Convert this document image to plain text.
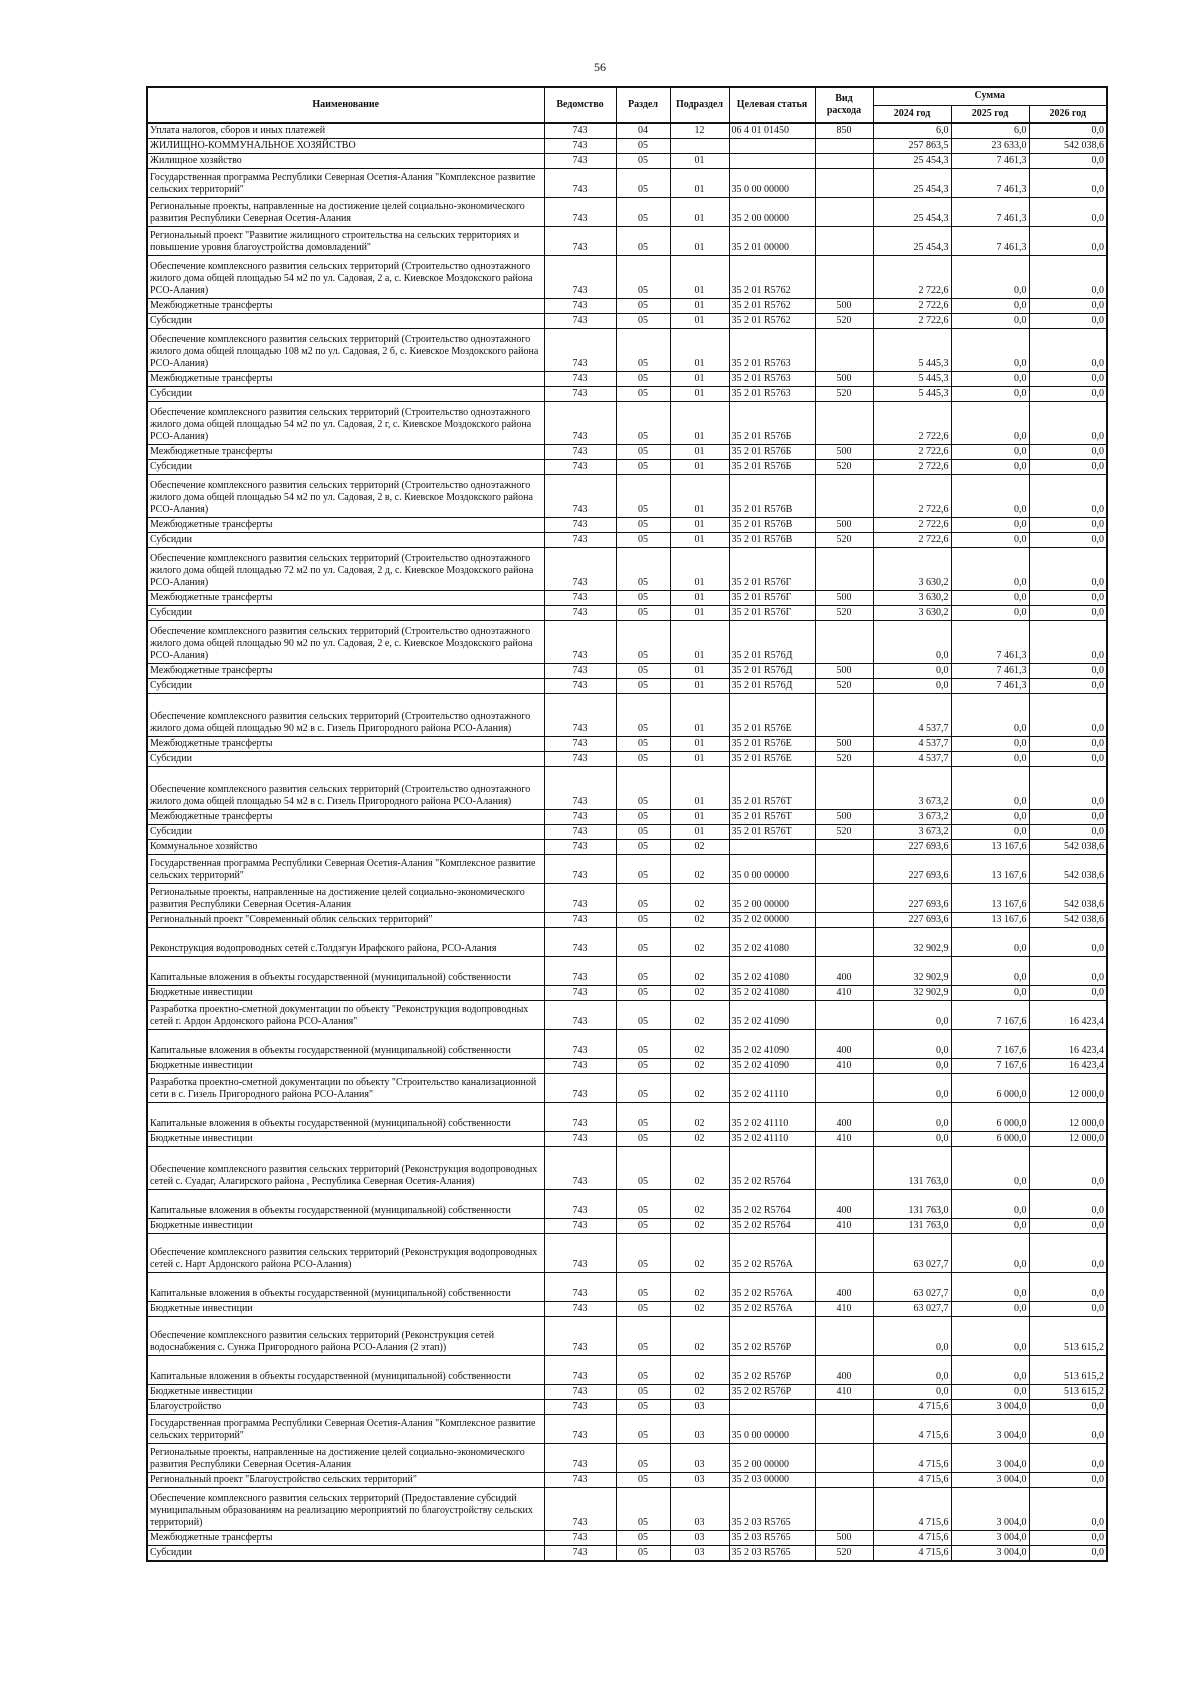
56
Наименование	Ведомство	Раздел	Подраздел	Целевая статья	Вид расхода	Сумма		
						2024 год	2025 год	2026 год
Уплата налогов, сборов и иных платежей	743	04	12	06 4 01 01450	850	6,0	6,0	0,0
ЖИЛИЩНО-КОММУНАЛЬНОЕ ХОЗЯЙСТВО	743	05				257 863,5	23 633,0	542 038,6
Жилищное хозяйство	743	05	01			25 454,3	7 461,3	0,0
Государственная программа Республики Северная Осетия-Алания "Комплексное развитие сельских территорий"	743	05	01	35 0 00 00000		25 454,3	7 461,3	0,0
Региональные проекты, направленные на достижение целей социально-экономического развития Республики Северная Осетия-Алания	743	05	01	35 2 00 00000		25 454,3	7 461,3	0,0
Региональный проект "Развитие жилищного строительства на сельских территориях и повышение уровня благоустройства домовладений"	743	05	01	35 2 01 00000		25 454,3	7 461,3	0,0
Обеспечение комплексного развития сельских территорий (Строительство одноэтажного жилого дома общей площадью 54 м2 по ул. Садовая, 2 а, с. Киевское Моздокского района РСО-Алания)	743	05	01	35 2 01 R5762		2 722,6	0,0	0,0
Межбюджетные трансферты	743	05	01	35 2 01 R5762	500	2 722,6	0,0	0,0
Субсидии	743	05	01	35 2 01 R5762	520	2 722,6	0,0	0,0
Обеспечение комплексного развития сельских территорий (Строительство одноэтажного жилого дома общей площадью 108 м2 по ул. Садовая, 2 б, с. Киевское Моздокского района РСО-Алания)	743	05	01	35 2 01 R5763		5 445,3	0,0	0,0
Межбюджетные трансферты	743	05	01	35 2 01 R5763	500	5 445,3	0,0	0,0
Субсидии	743	05	01	35 2 01 R5763	520	5 445,3	0,0	0,0
Обеспечение комплексного развития сельских территорий (Строительство одноэтажного жилого дома общей площадью 54 м2 по ул. Садовая, 2 г, с. Киевское Моздокского района РСО-Алания)	743	05	01	35 2 01 R576Б		2 722,6	0,0	0,0
Межбюджетные трансферты	743	05	01	35 2 01 R576Б	500	2 722,6	0,0	0,0
Субсидии	743	05	01	35 2 01 R576Б	520	2 722,6	0,0	0,0
Обеспечение комплексного развития сельских территорий (Строительство одноэтажного жилого дома общей площадью 54 м2 по ул. Садовая, 2 в, с. Киевское Моздокского района РСО-Алания)	743	05	01	35 2 01 R576В		2 722,6	0,0	0,0
Межбюджетные трансферты	743	05	01	35 2 01 R576В	500	2 722,6	0,0	0,0
Субсидии	743	05	01	35 2 01 R576В	520	2 722,6	0,0	0,0
Обеспечение комплексного развития сельских территорий (Строительство одноэтажного жилого дома общей площадью 72 м2 по ул. Садовая, 2 д, с. Киевское Моздокского района РСО-Алания)	743	05	01	35 2 01 R576Г		3 630,2	0,0	0,0
Межбюджетные трансферты	743	05	01	35 2 01 R576Г	500	3 630,2	0,0	0,0
Субсидии	743	05	01	35 2 01 R576Г	520	3 630,2	0,0	0,0
Обеспечение комплексного развития сельских территорий (Строительство одноэтажного жилого дома общей площадью 90 м2 по ул. Садовая, 2 е, с. Киевское Моздокского района РСО-Алания)	743	05	01	35 2 01 R576Д		0,0	7 461,3	0,0
Межбюджетные трансферты	743	05	01	35 2 01 R576Д	500	0,0	7 461,3	0,0
Субсидии	743	05	01	35 2 01 R576Д	520	0,0	7 461,3	0,0
Обеспечение комплексного развития сельских территорий (Строительство одноэтажного жилого дома общей площадью 90 м2 в с. Гизель Пригородного района РСО-Алания)	743	05	01	35 2 01 R576Е		4 537,7	0,0	0,0
Межбюджетные трансферты	743	05	01	35 2 01 R576Е	500	4 537,7	0,0	0,0
Субсидии	743	05	01	35 2 01 R576Е	520	4 537,7	0,0	0,0
Обеспечение комплексного развития сельских территорий (Строительство одноэтажного жилого дома общей площадью 54 м2 в с. Гизель Пригородного района РСО-Алания)	743	05	01	35 2 01 R576Т		3 673,2	0,0	0,0
Межбюджетные трансферты	743	05	01	35 2 01 R576Т	500	3 673,2	0,0	0,0
Субсидии	743	05	01	35 2 01 R576Т	520	3 673,2	0,0	0,0
Коммунальное хозяйство	743	05	02			227 693,6	13 167,6	542 038,6
Государственная программа Республики Северная Осетия-Алания "Комплексное развитие сельских территорий"	743	05	02	35 0 00 00000		227 693,6	13 167,6	542 038,6
Региональные проекты, направленные на достижение целей социально-экономического развития Республики Северная Осетия-Алания	743	05	02	35 2 00 00000		227 693,6	13 167,6	542 038,6
Региональный проект "Современный облик сельских территорий"	743	05	02	35 2 02 00000		227 693,6	13 167,6	542 038,6
Реконструкция водопроводных сетей с.Толдзгун Ирафского района, РСО-Алания	743	05	02	35 2 02 41080		32 902,9	0,0	0,0
Капитальные вложения в объекты государственной (муниципальной) собственности	743	05	02	35 2 02 41080	400	32 902,9	0,0	0,0
Бюджетные инвестиции	743	05	02	35 2 02 41080	410	32 902,9	0,0	0,0
Разработка проектно-сметной документации по объекту "Реконструкция водопроводных сетей г. Ардон Ардонского района РСО-Алания"	743	05	02	35 2 02 41090		0,0	7 167,6	16 423,4
Капитальные вложения в объекты государственной (муниципальной) собственности	743	05	02	35 2 02 41090	400	0,0	7 167,6	16 423,4
Бюджетные инвестиции	743	05	02	35 2 02 41090	410	0,0	7 167,6	16 423,4
Разработка проектно-сметной документации по объекту "Строительство канализационной сети в с. Гизель Пригородного района РСО-Алания"	743	05	02	35 2 02 41110		0,0	6 000,0	12 000,0
Капитальные вложения в объекты государственной (муниципальной) собственности	743	05	02	35 2 02 41110	400	0,0	6 000,0	12 000,0
Бюджетные инвестиции	743	05	02	35 2 02 41110	410	0,0	6 000,0	12 000,0
Обеспечение комплексного развития сельских территорий (Реконструкция водопроводных сетей с. Суадаг, Алагирского района , Республика Северная Осетия-Алания)	743	05	02	35 2 02 R5764		131 763,0	0,0	0,0
Капитальные вложения в объекты государственной (муниципальной) собственности	743	05	02	35 2 02 R5764	400	131 763,0	0,0	0,0
Бюджетные инвестиции	743	05	02	35 2 02 R5764	410	131 763,0	0,0	0,0
Обеспечение комплексного развития сельских территорий (Реконструкция водопроводных сетей с. Нарт Ардонского района РСО-Алания)	743	05	02	35 2 02 R576А		63 027,7	0,0	0,0
Капитальные вложения в объекты государственной (муниципальной) собственности	743	05	02	35 2 02 R576А	400	63 027,7	0,0	0,0
Бюджетные инвестиции	743	05	02	35 2 02 R576А	410	63 027,7	0,0	0,0
Обеспечение комплексного развития сельских территорий (Реконструкция сетей водоснабжения с. Сунжа Пригородного района РСО-Алания (2 этап))	743	05	02	35 2 02 R576Р		0,0	0,0	513 615,2
Капитальные вложения в объекты государственной (муниципальной) собственности	743	05	02	35 2 02 R576Р	400	0,0	0,0	513 615,2
Бюджетные инвестиции	743	05	02	35 2 02 R576Р	410	0,0	0,0	513 615,2
Благоустройство	743	05	03			4 715,6	3 004,0	0,0
Государственная программа Республики Северная Осетия-Алания "Комплексное развитие сельских территорий"	743	05	03	35 0 00 00000		4 715,6	3 004,0	0,0
Региональные проекты, направленные на достижение целей социально-экономического развития Республики Северная Осетия-Алания	743	05	03	35 2 00 00000		4 715,6	3 004,0	0,0
Региональный проект "Благоустройство сельских территорий"	743	05	03	35 2 03 00000		4 715,6	3 004,0	0,0
Обеспечение комплексного развития сельских территорий (Предоставление субсидий муниципальным образованиям на реализацию мероприятий по благоустройству сельских территорий)	743	05	03	35 2 03 R5765		4 715,6	3 004,0	0,0
Межбюджетные трансферты	743	05	03	35 2 03 R5765	500	4 715,6	3 004,0	0,0
Субсидии	743	05	03	35 2 03 R5765	520	4 715,6	3 004,0	0,0
